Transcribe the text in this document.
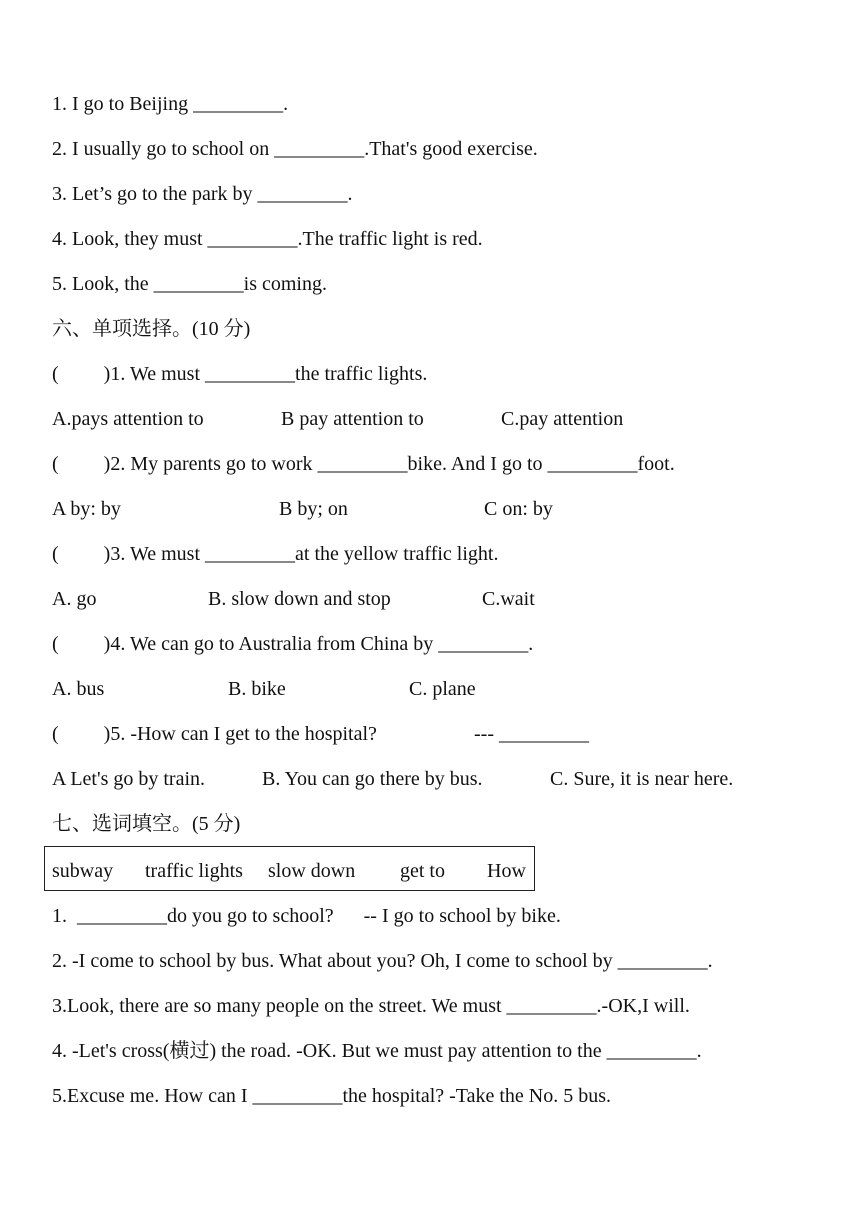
1. I go to Beijing _________.
2. I usually go to school on _________.That's good exercise.
3. Let’s go to the park by _________.
4. Look, they must _________.The traffic light is red.
5. Look, the _________is coming.
六、单项选择。(10 分)
(         )1. We must _________the traffic lights.
A.pays attention to	B pay attention to	C.pay attention
(         )2. My parents go to work _________bike. And I go to _________foot.
A by: by	B by; on	C on: by
(         )3. We must _________at the yellow traffic light.
A. go	B. slow down and stop	C.wait
(         )4. We can go to Australia from China by _________.
A. bus	B. bike	C. plane
(         )5. -How can I get to the hospital?	--- _________
A Let's go by train.	B. You can go there by bus.	C. Sure, it is near here.
七、选词填空。(5 分)
subway traffic lights slow down get to How
1.  _________do you go to school?      -- I go to school by bike.
2. -I come to school by bus. What about you? Oh, I come to school by _________.
3.Look, there are so many people on the street. We must _________.-OK,I will.
4. -Let's cross(横过) the road. -OK. But we must pay attention to the _________.
5.Excuse me. How can I _________the hospital? -Take the No. 5 bus.
